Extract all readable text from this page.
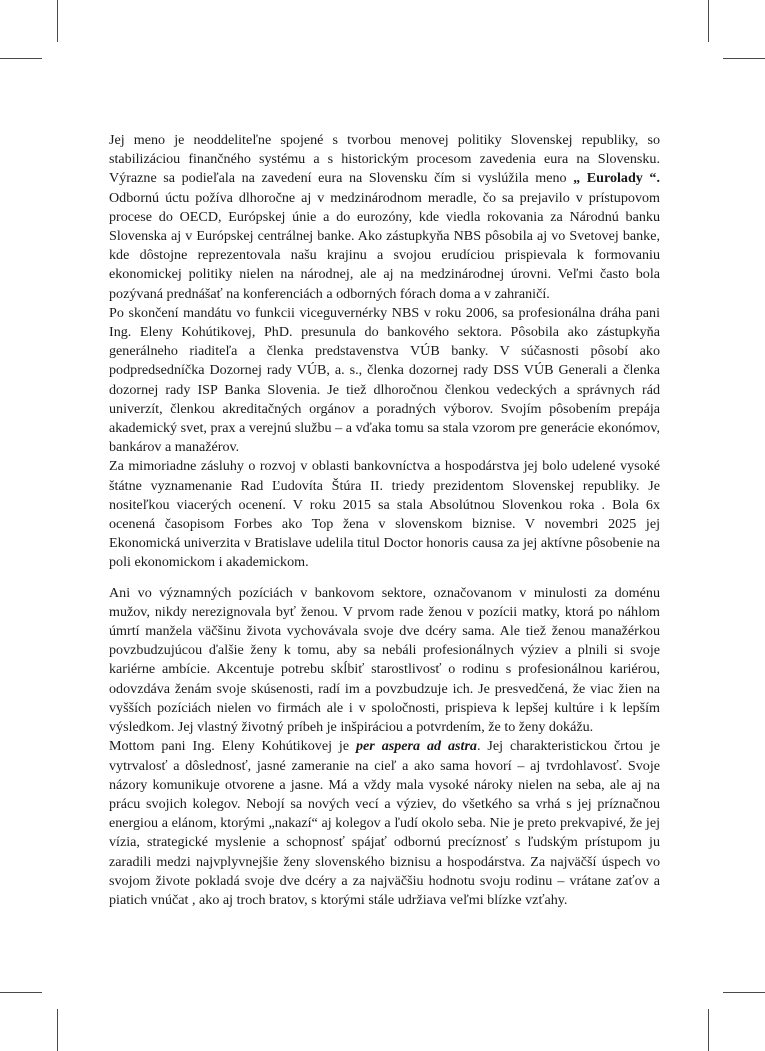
Jej meno je neoddeliteľne spojené s tvorbou menovej politiky Slovenskej republiky, so stabilizáciou finančného systému a s historickým procesom zavedenia eura na Slovensku. Výrazne sa podieľala na zavedení eura na Slovensku čím si vyslúžila meno „ Eurolady “. Odbornú úctu požíva dlhoročne aj v medzinárodnom meradle, čo sa prejavilo v prístupovom procese do OECD, Európskej únie a do eurozóny, kde viedla rokovania za Národnú banku Slovenska aj v Európskej centrálnej banke. Ako zástupkyňa NBS pôsobila aj vo Svetovej banke, kde dôstojne reprezentovala našu krajinu a svojou erudíciou prispievala k formovaniu ekonomickej politiky nielen na národnej, ale aj na medzinárodnej úrovni. Veľmi často bola pozývaná prednášať na konferenciách a odborných fórach doma a v zahraničí.

Po skončení mandátu vo funkcii viceguvernérky NBS v roku 2006, sa profesionálna dráha pani Ing. Eleny Kohútikovej, PhD. presunula do bankového sektora. Pôsobila ako zástupkyňa generálneho riaditeľa a členka predstavenstva VÚB banky. V súčasnosti pôsobí ako podpredsedníčka Dozornej rady VÚB, a. s., členka dozornej rady DSS VÚB Generali a členka dozornej rady ISP Banka Slovenia. Je tiež dlhoročnou členkou vedeckých a správnych rád univerzít, členkou akreditačných orgánov a poradných výborov. Svojím pôsobením prepája akademický svet, prax a verejnú službu – a vďaka tomu sa stala vzorom pre generácie ekonómov, bankárov a manažérov.

Za mimoriadne zásluhy o rozvoj v oblasti bankovníctva a hospodárstva jej bolo udelené vysoké štátne vyznamenanie Rad Ľudovíta Štúra II. triedy prezidentom Slovenskej republiky. Je nositeľkou viacerých ocenení. V roku 2015 sa stala Absolútnou Slovenkou roka . Bola 6x ocenená časopisom Forbes ako Top žena v slovenskom biznise. V novembri 2025 jej Ekonomická univerzita v Bratislave udelila titul Doctor honoris causa za jej aktívne pôsobenie na poli ekonomickom i akademickom.

Ani vo významných pozíciách v bankovom sektore, označovanom v minulosti za doménu mužov, nikdy nerezignovala byť ženou. V prvom rade ženou v pozícii matky, ktorá po náhlom úmrtí manžela väčšinu života vychovávala svoje dve dcéry sama. Ale tiež ženou manažérkou povzbudzujúcou ďalšie ženy k tomu, aby sa nebáli profesionálnych výziev a plnili si svoje kariérne ambície. Akcentuje potrebu skĺbiť starostlivosť o rodinu s profesionálnou kariérou, odovzdáva ženám svoje skúsenosti, radí im a povzbudzuje ich. Je presvedčená, že viac žien na vyšších pozíciách nielen vo firmách ale i v spoločnosti, prispieva k lepšej kultúre i k lepším výsledkom. Jej vlastný životný príbeh je inšpiráciou a potvrdením, že to ženy dokážu.

Mottom pani Ing. Eleny Kohútikovej je per aspera ad astra. Jej charakteristickou črtou je vytrvalosť a dôslednosť, jasné zameranie na cieľ a ako sama hovorí – aj tvrdohlavosť. Svoje názory komunikuje otvorene a jasne. Má a vždy mala vysoké nároky nielen na seba, ale aj na prácu svojich kolegov. Nebojí sa nových vecí a výziev, do všetkého sa vrhá s jej príznačnou energiou a elánom, ktorými „nakazí“ aj kolegov a ľudí okolo seba. Nie je preto prekvapivé, že jej vízia, strategické myslenie a schopnosť spájať odbornú precíznosť s ľudským prístupom ju zaradili medzi najvplyvnejšie ženy slovenského biznisu a hospodárstva. Za najväčší úspech vo svojom živote pokladá svoje dve dcéry a za najväčšiu hodnotu svoju rodinu – vrátane zaťov a piatich vnúčat , ako aj troch bratov, s ktorými stále udržiava veľmi blízke vzťahy.
